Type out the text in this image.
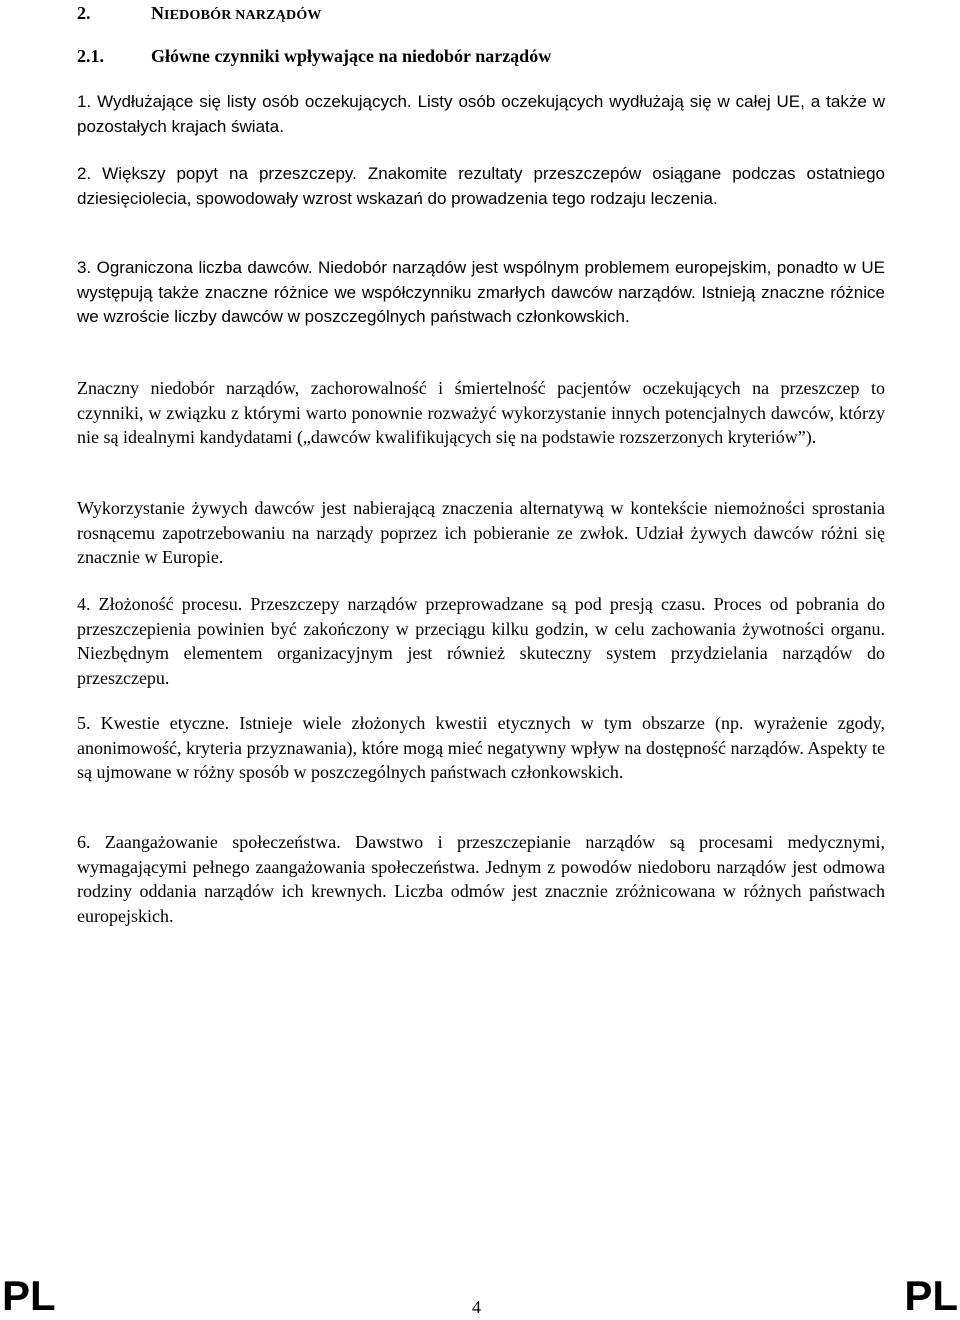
2.	NIEDOBÓR NARZĄDÓW
2.1.	Główne czynniki wpływające na niedobór narządów

1. Wydłużające się listy osób oczekujących. Listy osób oczekujących wydłużają się w całej UE, a także w pozostałych krajach świata.

2. Większy popyt na przeszczepy. Znakomite rezultaty przeszczepów osiągane podczas ostatniego dziesięciolecia, spowodowały wzrost wskazań do prowadzenia tego rodzaju leczenia.

3. Ograniczona liczba dawców. Niedobór narządów jest wspólnym problemem europejskim, ponadto w UE występują także znaczne różnice we współczynniku zmarłych dawców narządów. Istnieją znaczne różnice we wzroście liczby dawców w poszczególnych państwach członkowskich.

Znaczny niedobór narządów, zachorowalność i śmiertelność pacjentów oczekujących na przeszczep to czynniki, w związku z którymi warto ponownie rozważyć wykorzystanie innych potencjalnych dawców, którzy nie są idealnymi kandydatami („dawców kwalifikujących się na podstawie rozszerzonych kryteriów”).

Wykorzystanie żywych dawców jest nabierającą znaczenia alternatywą w kontekście niemożności sprostania rosnącemu zapotrzebowaniu na narządy poprzez ich pobieranie ze zwłok. Udział żywych dawców różni się znacznie w Europie.

4. Złożoność procesu. Przeszczepy narządów przeprowadzane są pod presją czasu. Proces od pobrania do przeszczepienia powinien być zakończony w przeciągu kilku godzin, w celu zachowania żywotności organu. Niezbędnym elementem organizacyjnym jest również skuteczny system przydzielania narządów do przeszczepu.

5. Kwestie etyczne. Istnieje wiele złożonych kwestii etycznych w tym obszarze (np. wyrażenie zgody, anonimowość, kryteria przyznawania), które mogą mieć negatywny wpływ na dostępność narządów. Aspekty te są ujmowane w różny sposób w poszczególnych państwach członkowskich.

6. Zaangażowanie społeczeństwa. Dawstwo i przeszczepianie narządów są procesami medycznymi, wymagającymi pełnego zaangażowania społeczeństwa. Jednym z powodów niedoboru narządów jest odmowa rodziny oddania narządów ich krewnych. Liczba odmów jest znacznie zróżnicowana w różnych państwach europejskich.

PL	4	PL
